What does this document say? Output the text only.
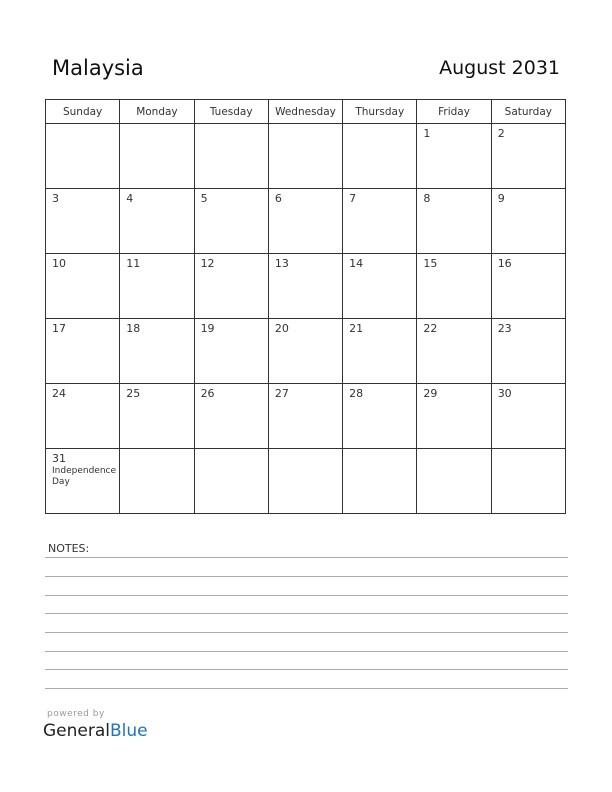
Malaysia	August 2031
Sunday	Monday	Tuesday	Wednesday	Thursday	Friday	Saturday

					1	2

3	4	5	6	7	8	9

10	11	12	13	14	15	16

17	18	19	20	21	22	23

24	25	26	27	28	29	30

31
Independence Day						

NOTES:
powered by
GeneralBlue
